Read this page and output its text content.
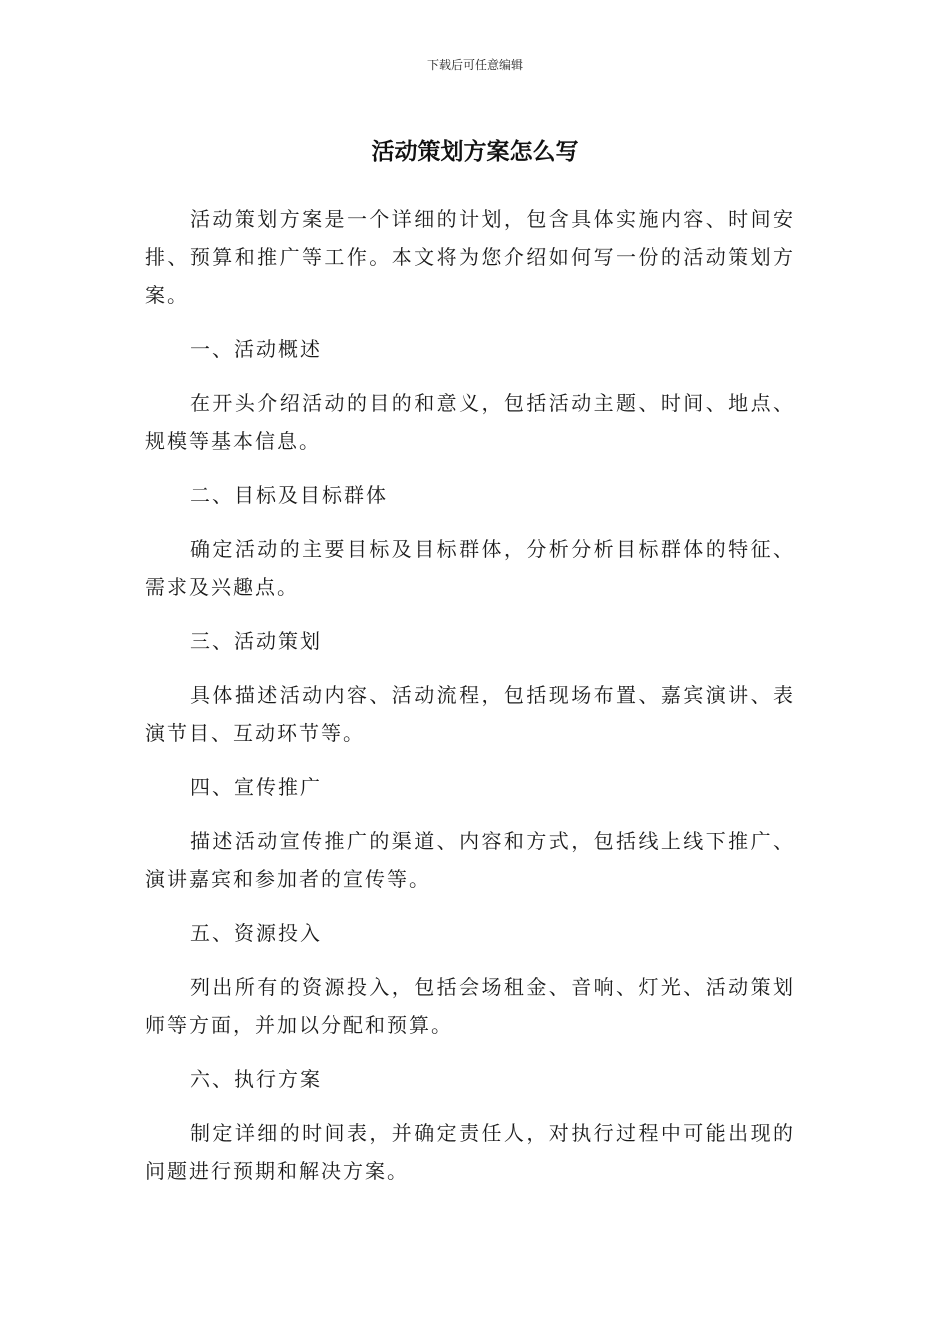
下载后可任意编辑
活动策划方案怎么写

活动策划方案是一个详细的计划，包含具体实施内容、时间安排、预算和推广等工作。本文将为您介绍如何写一份的活动策划方案。

一、活动概述

在开头介绍活动的目的和意义，包括活动主题、时间、地点、规模等基本信息。

二、目标及目标群体

确定活动的主要目标及目标群体，分析分析目标群体的特征、需求及兴趣点。

三、活动策划

具体描述活动内容、活动流程，包括现场布置、嘉宾演讲、表演节目、互动环节等。

四、宣传推广

描述活动宣传推广的渠道、内容和方式，包括线上线下推广、演讲嘉宾和参加者的宣传等。

五、资源投入

列出所有的资源投入，包括会场租金、音响、灯光、活动策划师等方面，并加以分配和预算。

六、执行方案

制定详细的时间表，并确定责任人，对执行过程中可能出现的问题进行预期和解决方案。
